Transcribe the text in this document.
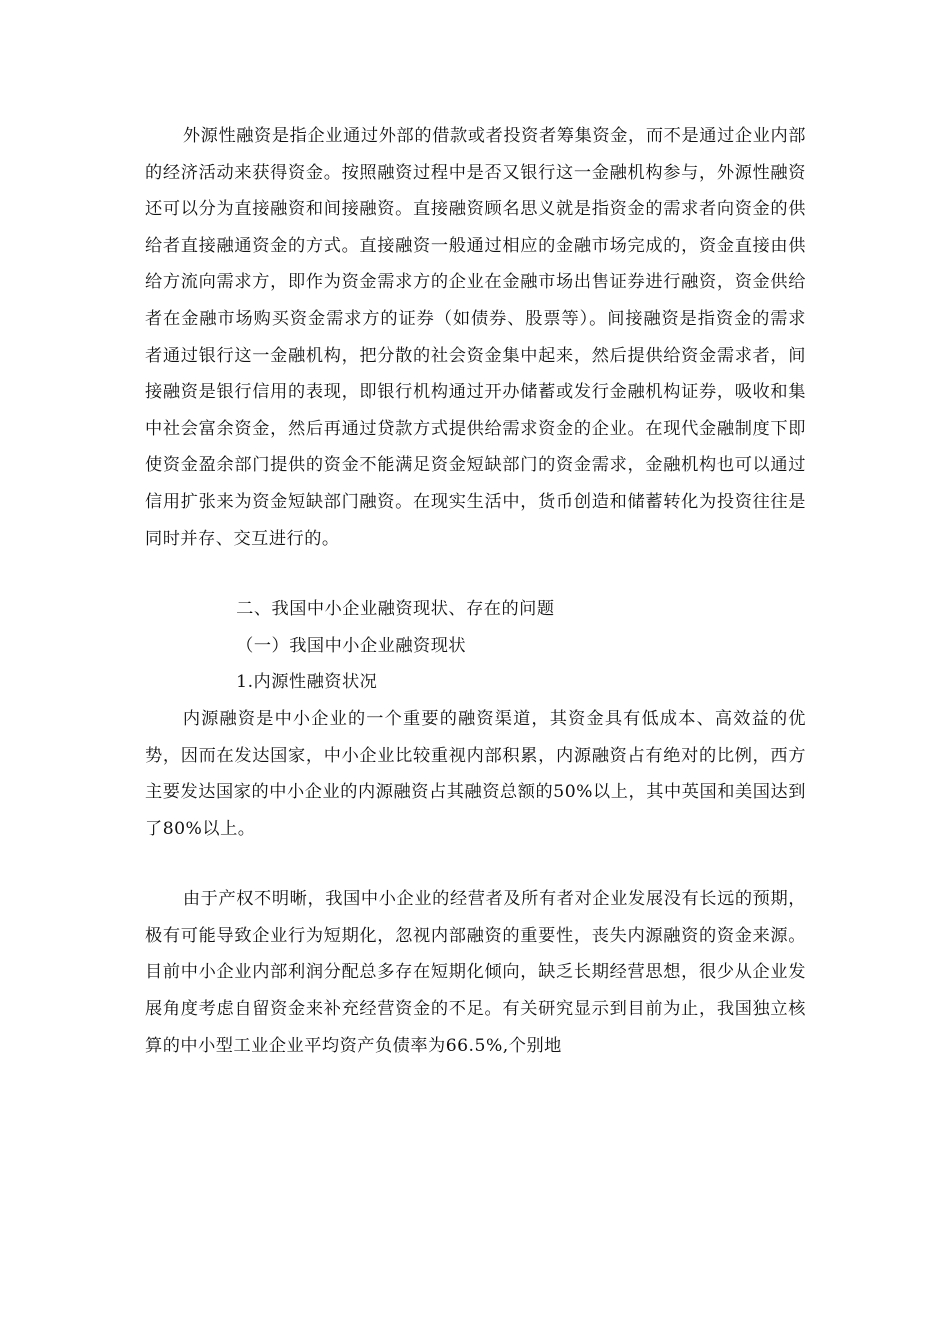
外源性融资是指企业通过外部的借款或者投资者筹集资金，而不是通过企业内部的经济活动来获得资金。按照融资过程中是否又银行这一金融机构参与，外源性融资还可以分为直接融资和间接融资。直接融资顾名思义就是指资金的需求者向资金的供给者直接融通资金的方式。直接融资一般通过相应的金融市场完成的，资金直接由供给方流向需求方，即作为资金需求方的企业在金融市场出售证券进行融资，资金供给者在金融市场购买资金需求方的证券（如债券、股票等）。间接融资是指资金的需求者通过银行这一金融机构，把分散的社会资金集中起来，然后提供给资金需求者，间接融资是银行信用的表现，即银行机构通过开办储蓄或发行金融机构证券，吸收和集中社会富余资金，然后再通过贷款方式提供给需求资金的企业。在现代金融制度下即使资金盈余部门提供的资金不能满足资金短缺部门的资金需求，金融机构也可以通过信用扩张来为资金短缺部门融资。在现实生活中，货币创造和储蓄转化为投资往往是同时并存、交互进行的。

二、我国中小企业融资现状、存在的问题

（一）我国中小企业融资现状

1.内源性融资状况

内源融资是中小企业的一个重要的融资渠道，其资金具有低成本、高效益的优势，因而在发达国家，中小企业比较重视内部积累，内源融资占有绝对的比例，西方主要发达国家的中小企业的内源融资占其融资总额的50%以上，其中英国和美国达到了80%以上。

由于产权不明晰，我国中小企业的经营者及所有者对企业发展没有长远的预期，极有可能导致企业行为短期化，忽视内部融资的重要性，丧失内源融资的资金来源。目前中小企业内部利润分配总多存在短期化倾向，缺乏长期经营思想，很少从企业发展角度考虑自留资金来补充经营资金的不足。有关研究显示到目前为止，我国独立核算的中小型工业企业平均资产负债率为66.5%,个别地
